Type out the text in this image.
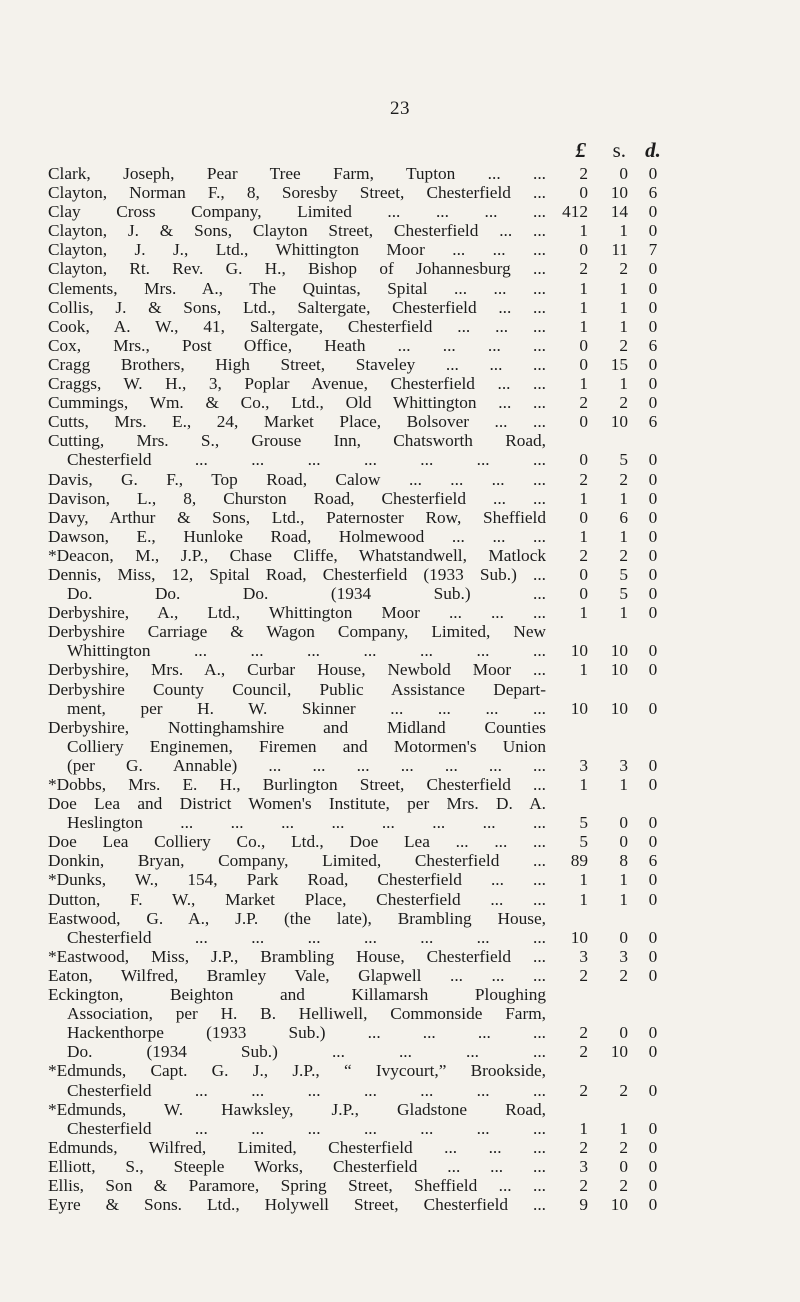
23
£	s. d.
Clark, Joseph, Pear Tree Farm, Tupton ... ...	2	0	0
Clayton, Norman F., 8, Soresby Street, Chesterfield ...	0	10	6
Clay Cross Company, Limited ... ... ... ... 412	14	0
Clayton, J. & Sons, Clayton Street, Chesterfield ... ...	1	1	0
Clayton, J. J., Ltd., Whittington Moor ... ... ...	0	11	7
Clayton, Rt. Rev. G. H., Bishop of Johannesburg ...	2	2	0
Clements, Mrs. A., The Quintas, Spital ... ... ...	1	1	0
Collis, J. & Sons, Ltd., Saltergate, Chesterfield ... ...	1	1	0
Cook, A. W., 41, Saltergate, Chesterfield ... ... ...	1	1	0
Cox, Mrs., Post Office, Heath ... ... ... ...	0	2	6
Cragg Brothers, High Street, Staveley ... ... ...	0	15	0
Craggs, W. H., 3, Poplar Avenue, Chesterfield ... ...	1	1	0
Cummings, Wm. & Co., Ltd., Old Whittington ... ...	2	2	0
Cutts, Mrs. E., 24, Market Place, Bolsover ... ...	0	10	6
Cutting, Mrs. S., Grouse Inn, Chatsworth Road,
Chesterfield ... ... ... ... ... ... ...	0	5	0
Davis, G. F., Top Road, Calow ... ... ... ...	2	2	0
Davison, L., 8, Churston Road, Chesterfield ... ...	1	1	0
Davy, Arthur & Sons, Ltd., Paternoster Row, Sheffield	0	6	0
Dawson, E., Hunloke Road, Holmewood ... ... ...	1	1	0
*Deacon, M., J.P., Chase Cliffe, Whatstandwell, Matlock	2	2	0
Dennis, Miss, 12, Spital Road, Chesterfield (1933 Sub.) ...	0	5	0
Do.	Do.	Do.	(1934 Sub.) ...	0	5	0
Derbyshire, A., Ltd., Whittington Moor ... ... ...	1	1	0
Derbyshire Carriage & Wagon Company, Limited, New
Whittington ... ... ... ... ... ... ...	10	10	0
Derbyshire, Mrs. A., Curbar House, Newbold Moor ...	1	10	0
Derbyshire County Council, Public Assistance Depart-
ment, per H. W. Skinner ... ... ... ...	10	10	0
Derbyshire, Nottinghamshire and Midland Counties
Colliery Enginemen, Firemen and Motormen's Union
(per G. Annable) ... ... ... ... ... ... ...	3	3	0
*Dobbs, Mrs. E. H., Burlington Street, Chesterfield ...	1	1	0
Doe Lea and District Women's Institute, per Mrs. D. A.
Heslington ... ... ... ... ... ... ... ...	5	0	0
Doe Lea Colliery Co., Ltd., Doe Lea ... ... ...	5	0	0
Donkin, Bryan, Company, Limited, Chesterfield ...	89	8	6
*Dunks, W., 154, Park Road, Chesterfield ... ...	1	1	0
Dutton, F. W., Market Place, Chesterfield ... ...	1	1	0
Eastwood, G. A., J.P. (the late), Brambling House,
Chesterfield ... ... ... ... ... ... ...	10	0	0
*Eastwood, Miss, J.P., Brambling House, Chesterfield ...	3	3	0
Eaton, Wilfred, Bramley Vale, Glapwell ... ... ...	2	2	0
Eckington, Beighton and Killamarsh Ploughing
Association, per H. B. Helliwell, Commonside Farm,
Hackenthorpe (1933 Sub.) ... ... ... ...	2	0	0
Do.	(1934 Sub.) ... ... ... ...	2	10	0
*Edmunds, Capt. G. J., J.P., “ Ivycourt,” Brookside,
Chesterfield ... ... ... ... ... ... ...	2	2	0
*Edmunds, W. Hawksley, J.P., Gladstone Road,
Chesterfield ... ... ... ... ... ... ...	1	1	0
Edmunds, Wilfred, Limited, Chesterfield ... ... ...	2	2	0
Elliott, S., Steeple Works, Chesterfield ... ... ...	3	0	0
Ellis, Son & Paramore, Spring Street, Sheffield ... ...	2	2	0
Eyre & Sons. Ltd., Holywell Street, Chesterfield ...	9	10	0
